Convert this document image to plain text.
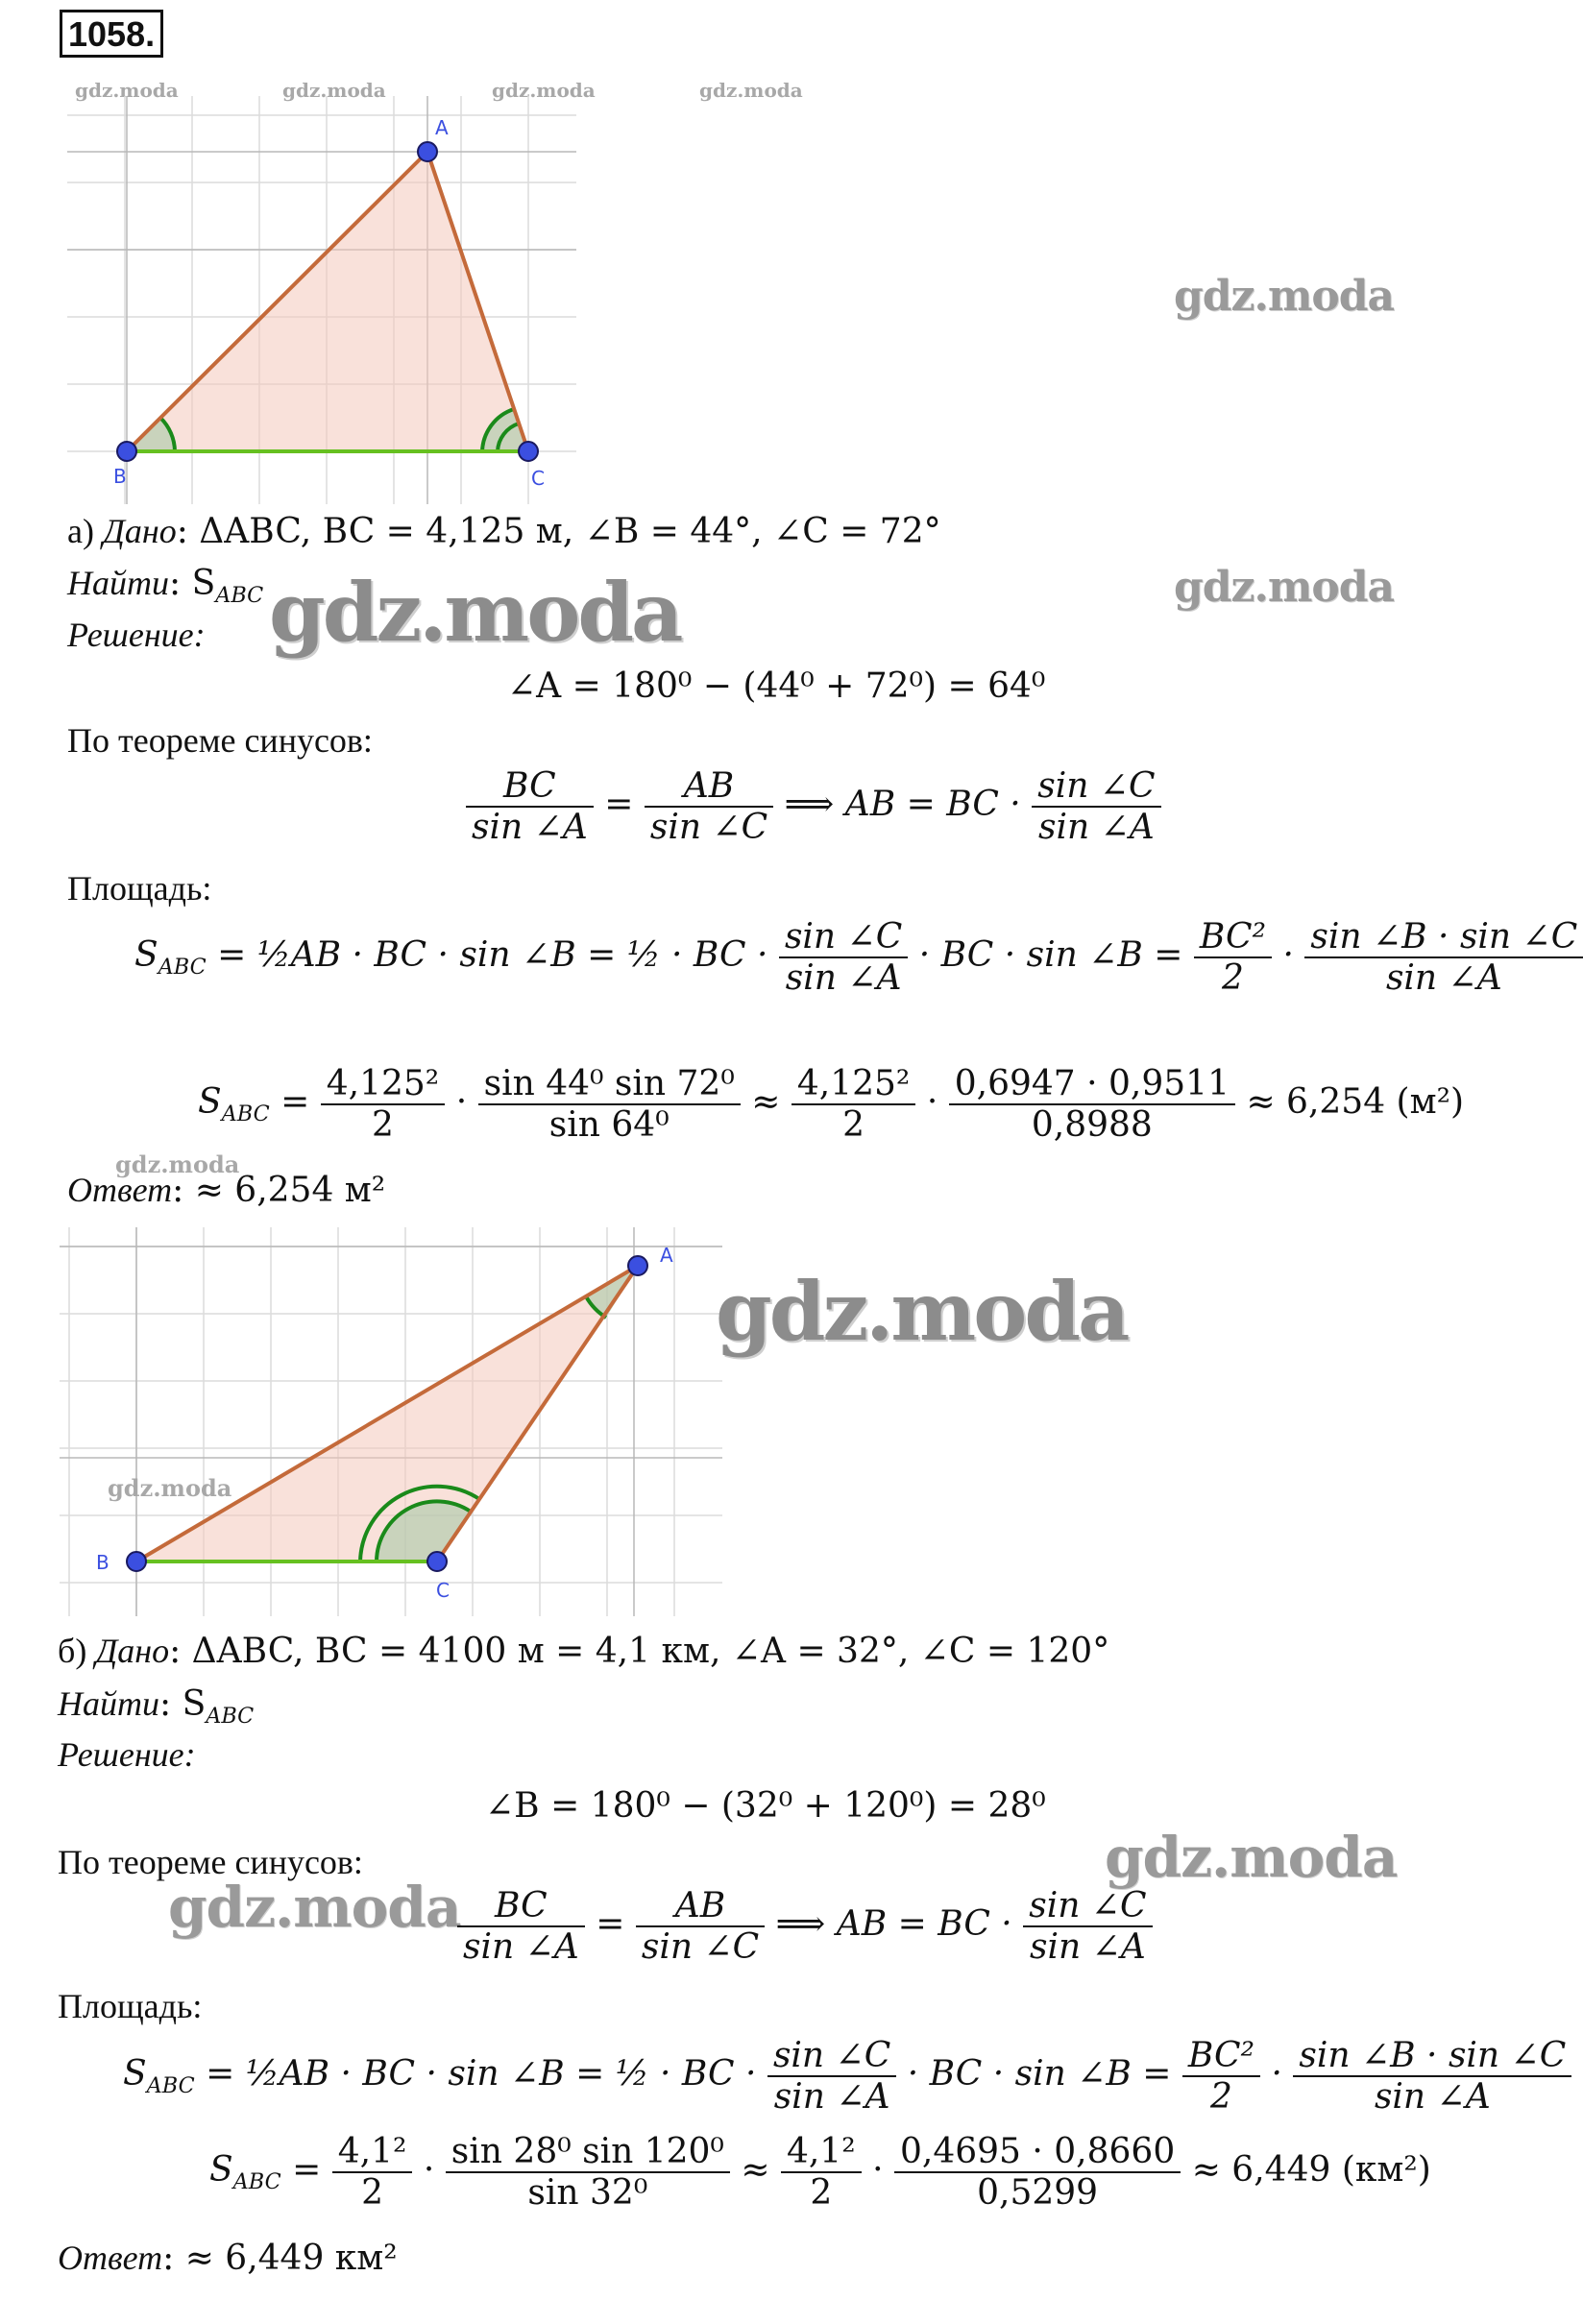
1058.
gdz.moda	gdz.moda	gdz.moda	gdz.moda
A
B	C
gdz.moda
gdz.moda
а) Дано: ΔABC, BC = 4,125 м, ∠B = 44°, ∠C = 72°
Найти: $S_{ABC}$
Решение: gdz.moda
∠A = 180⁰ − (44⁰ + 72⁰) = 64⁰
По теореме синусов:
$\frac{BC}{\sin \angle A} = \frac{AB}{\sin \angle C}$ ⟹ AB = BC · $\frac{\sin \angle C}{\sin \angle A}$
Площадь:
$S_{ABC}$ = ½AB · BC · sin ∠B = ½ · BC · $\frac{\sin \angle C}{\sin \angle A}$ · BC · sin ∠B = $\frac{\text{BC²}}{2} \cdot \frac{\sin \angle B \cdot \sin \angle C}{\sin \angle A}$
$S_{ABC} = \frac{\text{4,125²}}{2} \cdot \frac{\text{sin 44⁰ sin 72⁰}}{\text{sin 64⁰}} \approx \frac{\text{4,125²}}{2} \cdot \frac{0,6947 \cdot 0,9511}{0,8988} \approx 6,254$ (м²)
gdz.moda
Ответ: ≈ 6,254 м²
A
B
C
gdz.moda
gdz.moda
б) Дано: ΔABC, BC = 4100 м = 4,1 км, ∠A = 32°, ∠C = 120°
Найти: $S_{ABC}$
Решение:
∠B = 180⁰ − (32⁰ + 120⁰) = 28⁰
По теореме синусов:	gdz.moda
gdz.moda
$\frac{BC}{\sin \angle A} = \frac{AB}{\sin \angle C}$ ⟹ AB = BC · $\frac{\sin \angle C}{\sin \angle A}$
Площадь:
$S_{ABC}$ = ½AB · BC · sin ∠B = ½ · BC · $\frac{\sin \angle C}{\sin \angle A}$ · BC · sin ∠B = $\frac{\text{BC²}}{2} \cdot \frac{\sin \angle B \cdot \sin \angle C}{\sin \angle A}$
$S_{ABC} = \frac{\text{4,1²}}{2} \cdot \frac{\text{sin 28⁰ sin 120⁰}}{\text{sin 32⁰}} \approx \frac{\text{4,1²}}{2} \cdot \frac{0,4695 \cdot 0,8660}{0,5299} \approx 6,449$ (км²)
Ответ: ≈ 6,449 км²
